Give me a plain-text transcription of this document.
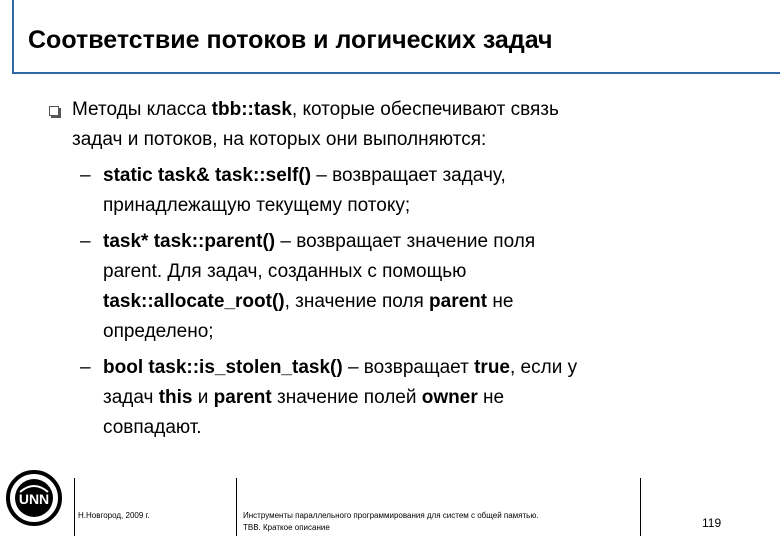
Соответствие потоков и логических задач
Методы класса tbb::task, которые обеспечивают связь
задач и потоков, на которых они выполняются:
– static task& task::self() – возвращает задачу,
принадлежащую текущему потоку;
– task* task::parent() – возвращает значение поля
parent. Для задач, созданных с помощью
task::allocate_root(), значение поля parent не
определено;
– bool task::is_stolen_task() – возвращает true, если у
задач this и parent значение полей owner не
совпадают.
UNN
Н.Новгород, 2009 г.	Инструменты параллельного программирования для систем с общей памятью.
TBB. Краткое описание	119
